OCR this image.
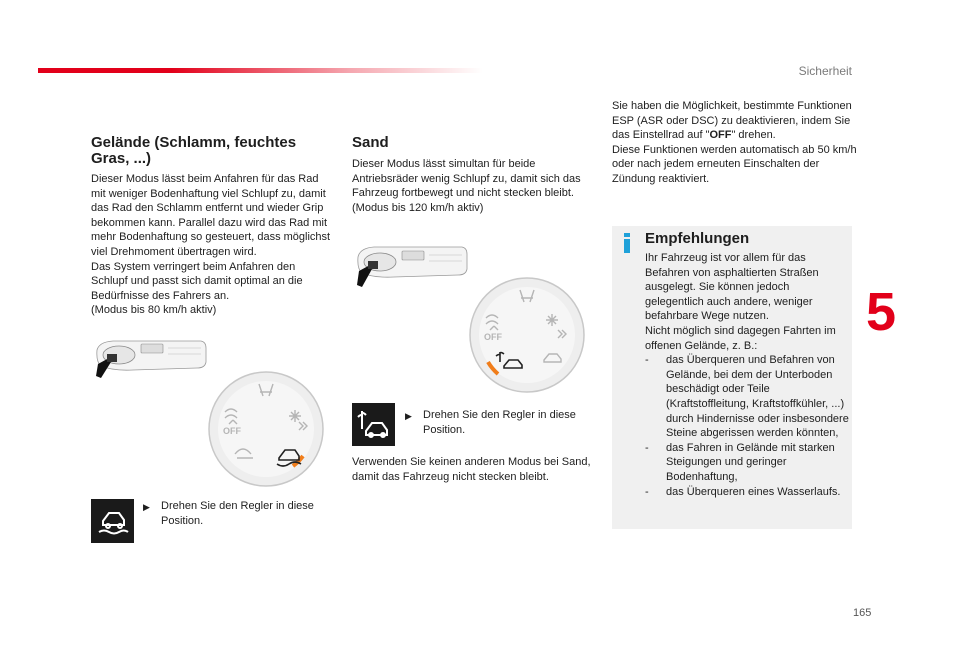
Sicherheit
5
165
Gelände (Schlamm, feuchtes Gras, ...)
Dieser Modus lässt beim Anfahren für das Rad mit weniger Bodenhaftung viel Schlupf zu, damit das Rad den Schlamm entfernt und wieder Grip bekommen kann. Parallel dazu wird das Rad mit mehr Bodenhaftung so gesteuert, dass möglichst viel Drehmoment übertragen wird.
Das System verringert beim Anfahren den Schlupf und passt sich damit optimal an die Bedürfnisse des Fahrers an.
(Modus bis 80 km/h aktiv)
OFF
▶	Drehen Sie den Regler in diese Position.
Sand
Dieser Modus lässt simultan für beide Antriebsräder wenig Schlupf zu, damit sich das Fahrzeug fortbewegt und nicht stecken bleibt.
(Modus bis 120 km/h aktiv)
OFF
▶	Drehen Sie den Regler in diese Position.
Verwenden Sie keinen anderen Modus bei Sand, damit das Fahrzeug nicht stecken bleibt.
Sie haben die Möglichkeit, bestimmte Funktionen ESP (ASR oder DSC) zu deaktivieren, indem Sie das Einstellrad auf "OFF" drehen.
Diese Funktionen werden automatisch ab 50 km/h oder nach jedem erneuten Einschalten der Zündung reaktiviert.
Empfehlungen
Ihr Fahrzeug ist vor allem für das Befahren von asphaltierten Straßen ausgelegt. Sie können jedoch gelegentlich auch andere, weniger befahrbare Wege nutzen.
Nicht möglich sind dagegen Fahrten im offenen Gelände, z. B.:
-	das Überqueren und Befahren von Gelände, bei dem der Unterboden beschädigt oder Teile (Kraftstoffleitung, Kraftstoffkühler, ...) durch Hindernisse oder insbesondere Steine abgerissen werden könnten,
-	das Fahren in Gelände mit starken Steigungen und geringer Bodenhaftung,
-	das Überqueren eines Wasserlaufs.
